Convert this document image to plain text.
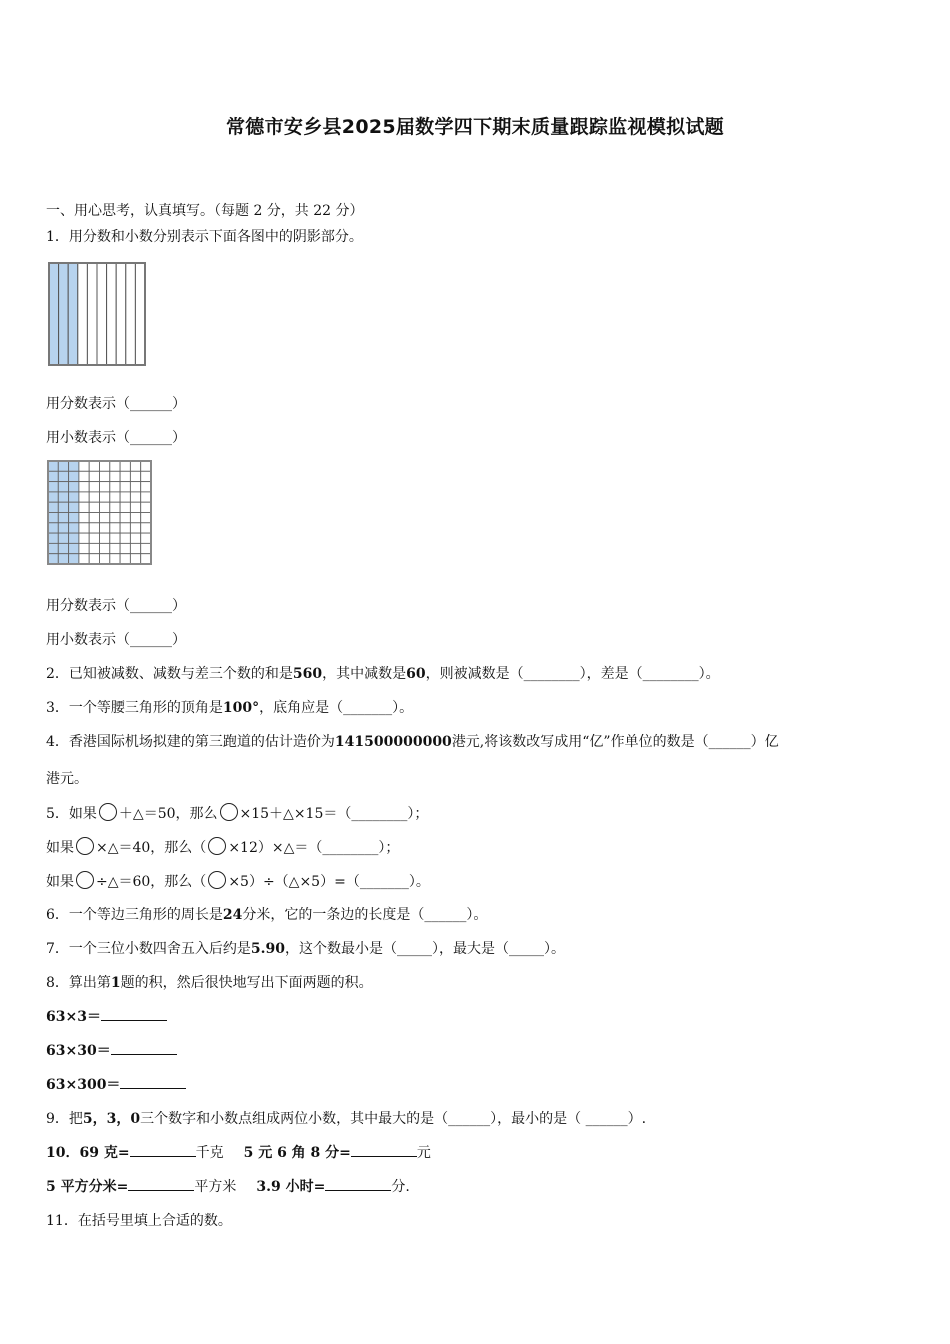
常德市安乡县2025届数学四下期末质量跟踪监视模拟试题
一、用心思考，认真填写。（每题 2 分，共 22 分）
1．用分数和小数分别表示下面各图中的阴影部分。
用分数表示（______）
用小数表示（______）
用分数表示（______）
用小数表示（______）
2．已知被减数、减数与差三个数的和是560，其中减数是60，则被减数是（________），差是（________）。
3．一个等腰三角形的顶角是100°，底角应是（_______）。
4．香港国际机场拟建的第三跑道的估计造价为141500000000港元,将该数改写成用“亿”作单位的数是（______）亿
港元。
5．如果 ＋△＝50，那么 ×15＋△×15＝（________）；
如果 ×△＝40，那么（ ×12）×△＝（________）；
如果 ÷△＝60，那么（ ×5）÷（△×5）=（_______）。
6．一个等边三角形的周长是24分米，它的一条边的长度是（______）。
7．一个三位小数四舍五入后约是5.90，这个数最小是（_____），最大是（_____）。
8．算出第1题的积，然后很快地写出下面两题的积。
63×3＝
63×30＝
63×300＝
9．把5，3，0三个数字和小数点组成两位小数，其中最大的是（______），最小的是（ ______）.
10．69 克=	千克 5 元 6 角 8 分=	元
5 平方分米=	平方米 3.9 小时=	分.
11．在括号里填上合适的数。
